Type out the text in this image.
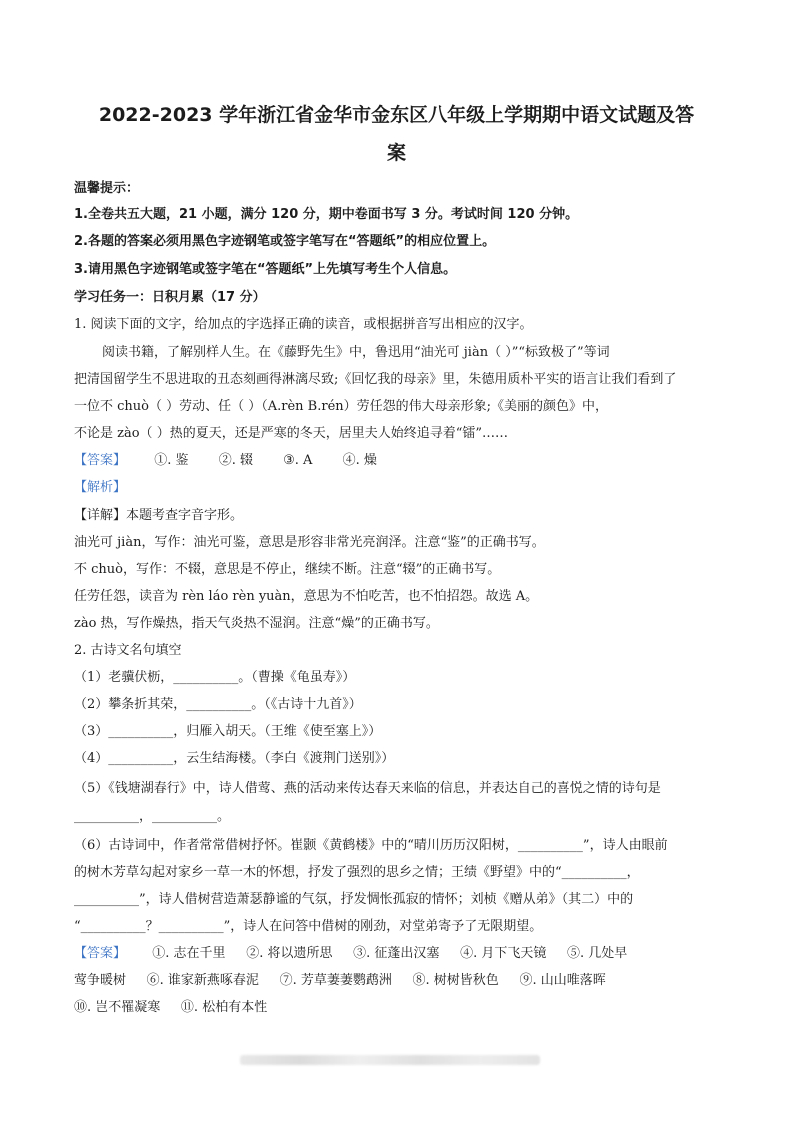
2022-2023 学年浙江省金华市金东区八年级上学期期中语文试题及答
案
温馨提示：
1.全卷共五大题，21 小题，满分 120 分，期中卷面书写 3 分。考试时间 120 分钟。
2.各题的答案必须用黑色字迹钢笔或签字笔写在“答题纸”的相应位置上。
3.请用黑色字迹钢笔或签字笔在“答题纸”上先填写考生个人信息。
学习任务一：日积月累（17 分）
1. 阅读下面的文字，给加点的字选择正确的读音，或根据拼音写出相应的汉字。
阅读书籍，了解别样人生。在《藤野先生》中，鲁迅用“油光可 jiàn（ ）”“标致极了”等词
把清国留学生不思进取的丑态刻画得淋漓尽致;《回忆我的母亲》里，朱德用质朴平实的语言让我们看到了
一位不 chuò（ ）劳动、任（ ）（A.rèn B.rén）劳任怨的伟大母亲形象;《美丽的颜色》中，
不论是 zào（ ）热的夏天，还是严寒的冬天，居里夫人始终追寻着“镭”……
【答案】 ①. 鉴 ②. 辍 ③. A ④. 燥
【解析】
【详解】本题考查字音字形。
油光可 jiàn，写作：油光可鉴，意思是形容非常光亮润泽。注意“鉴”的正确书写。
不 chuò，写作：不辍，意思是不停止，继续不断。注意“辍”的正确书写。
任劳任怨，读音为 rèn láo rèn yuàn，意思为不怕吃苦，也不怕招怨。故选 A。
zào 热，写作燥热，指天气炎热不湿润。注意“燥”的正确书写。
2. 古诗文名句填空
（1）老骥伏枥，__________。（曹操《龟虽寿》）
（2）攀条折其荣，__________。（《古诗十九首》）
（3）__________，归雁入胡天。（王维《使至塞上》）
（4）__________，云生结海楼。（李白《渡荆门送别》）
（5）《钱塘湖春行》中，诗人借莺、燕的活动来传达春天来临的信息，并表达自己的喜悦之情的诗句是
__________，__________。
（6）古诗词中，作者常常借树抒怀。崔颢《黄鹤楼》中的“晴川历历汉阳树，__________”，诗人由眼前
的树木芳草勾起对家乡一草一木的怀想，抒发了强烈的思乡之情；王绩《野望》中的“__________，
__________”，诗人借树营造萧瑟静谧的气氛，抒发惆怅孤寂的情怀；刘桢《赠从弟》（其二）中的
“__________？__________”，诗人在问答中借树的刚劲，对堂弟寄予了无限期望。
【答案】 ①. 志在千里     ②. 将以遗所思     ③. 征蓬出汉塞     ④. 月下飞天镜     ⑤. 几处早
莺争暖树     ⑥. 谁家新燕啄春泥     ⑦. 芳草萋萋鹦鹉洲     ⑧. 树树皆秋色     ⑨. 山山唯落晖
⑩. 岂不罹凝寒     ⑪. 松柏有本性
